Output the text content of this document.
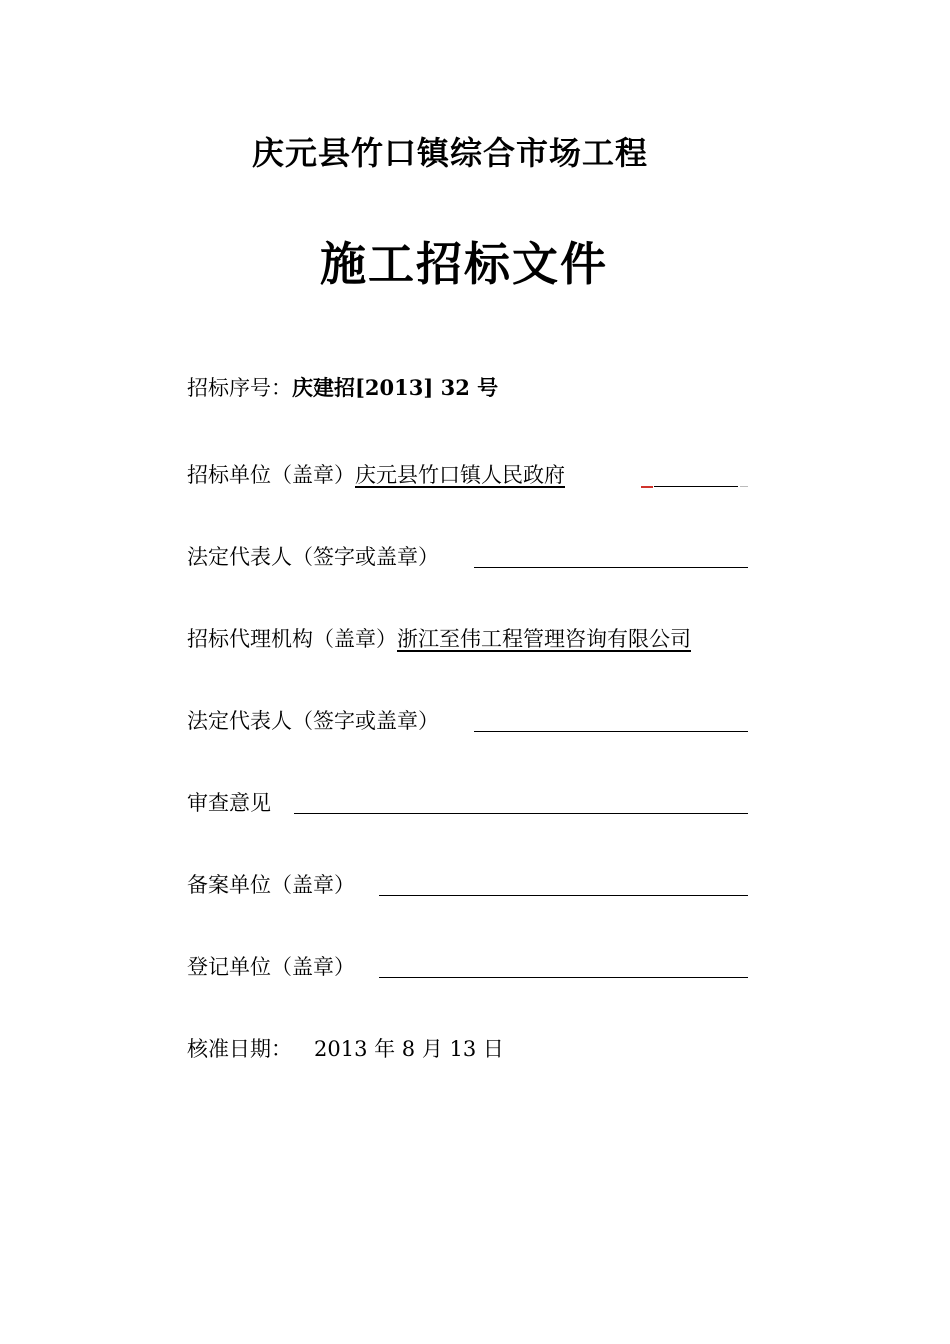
庆元县竹口镇综合市场工程
施工招标文件
招标序号：庆建招[2013] 32 号
招标单位（盖章）庆元县竹口镇人民政府
法定代表人（签字或盖章）
招标代理机构（盖章）浙江至伟工程管理咨询有限公司
法定代表人（签字或盖章）
审查意见
备案单位（盖章）
登记单位（盖章）
核准日期： 2013 年 8 月 13 日
